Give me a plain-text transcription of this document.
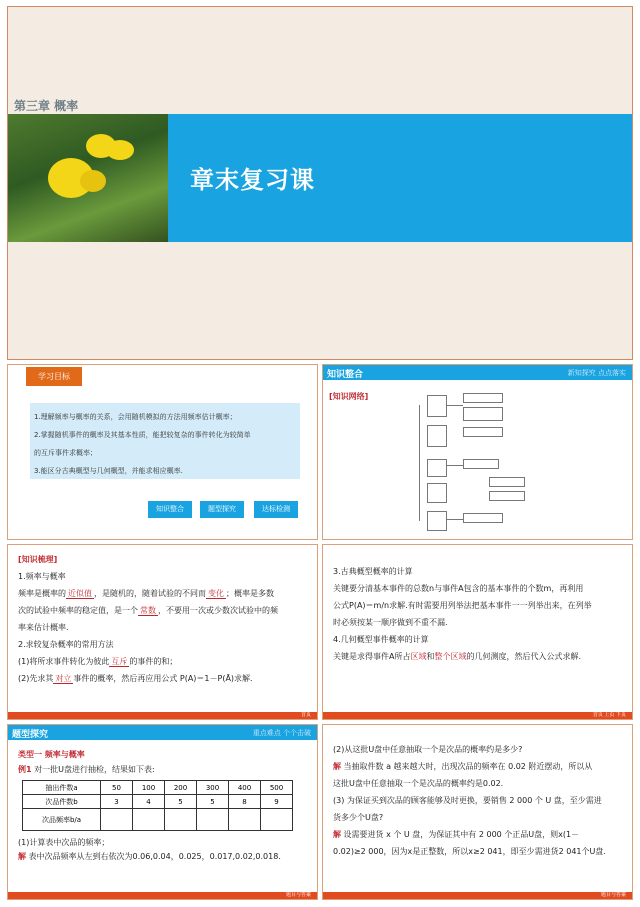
第三章 概率
章末复习课
学习目标
1.理解频率与概率的关系，会用随机模拟的方法用频率估计概率；
2.掌握随机事件的概率及其基本性质，能把较复杂的事件转化为较简单
的互斥事件求概率；
3.能区分古典概型与几何概型，并能求相应概率.
知识整合	题型探究	达标检测
知识整合	新知探究 点点落实
[知识网络]
[知识梳理]
1.频率与概率
频率是概率的 近似值 ，是随机的，随着试验的不同而 变化 ；概率是多数
次的试验中频率的稳定值，是一个 常数 ，不要用一次或少数次试验中的频
率来估计概率.
2.求较复杂概率的常用方法
(1)将所求事件转化为彼此 互斥 的事件的和；
(2)先求其 对立 事件的概率，然后再应用公式 P(A)＝1－P(Ā)求解.
首页
3.古典概型概率的计算
关键要分清基本事件的总数n与事件A包含的基本事件的个数m，再利用
公式P(A)＝m/n求解.有时需要用列举法把基本事件一一列举出来，在列举
时必须按某一顺序做到不重不漏.
4.几何概型事件概率的计算
关键是求得事件A所占区域和整个区域的几何测度，然后代入公式求解.
首页 上页 下页
题型探究	重点难点 个个击破
类型一 频率与概率
例1 对一批U盘进行抽检，结果如下表:
抽出件数a	50	100	200	300	400	500
次品件数b	3	4	5	5	8	9
次品频率b/a						
(1)计算表中次品的频率；
解 表中次品频率从左到右依次为0.06,0.04，0.025，0.017,0.02,0.018.
题目与答案
(2)从这批U盘中任意抽取一个是次品的概率约是多少?
解 当抽取件数 a 越来越大时，出现次品的频率在 0.02 附近摆动，所以从
这批U盘中任意抽取一个是次品的概率约是0.02.
(3) 为保证买到次品的顾客能够及时更换，要销售 2 000 个 U 盘，至少需进
货多少个U盘?
解 设需要进货 x 个 U 盘，为保证其中有 2 000 个正品U盘，则x(1－
0.02)≥2 000，因为x是正整数，所以x≥2 041，即至少需进货2 041个U盘.
题目与答案
